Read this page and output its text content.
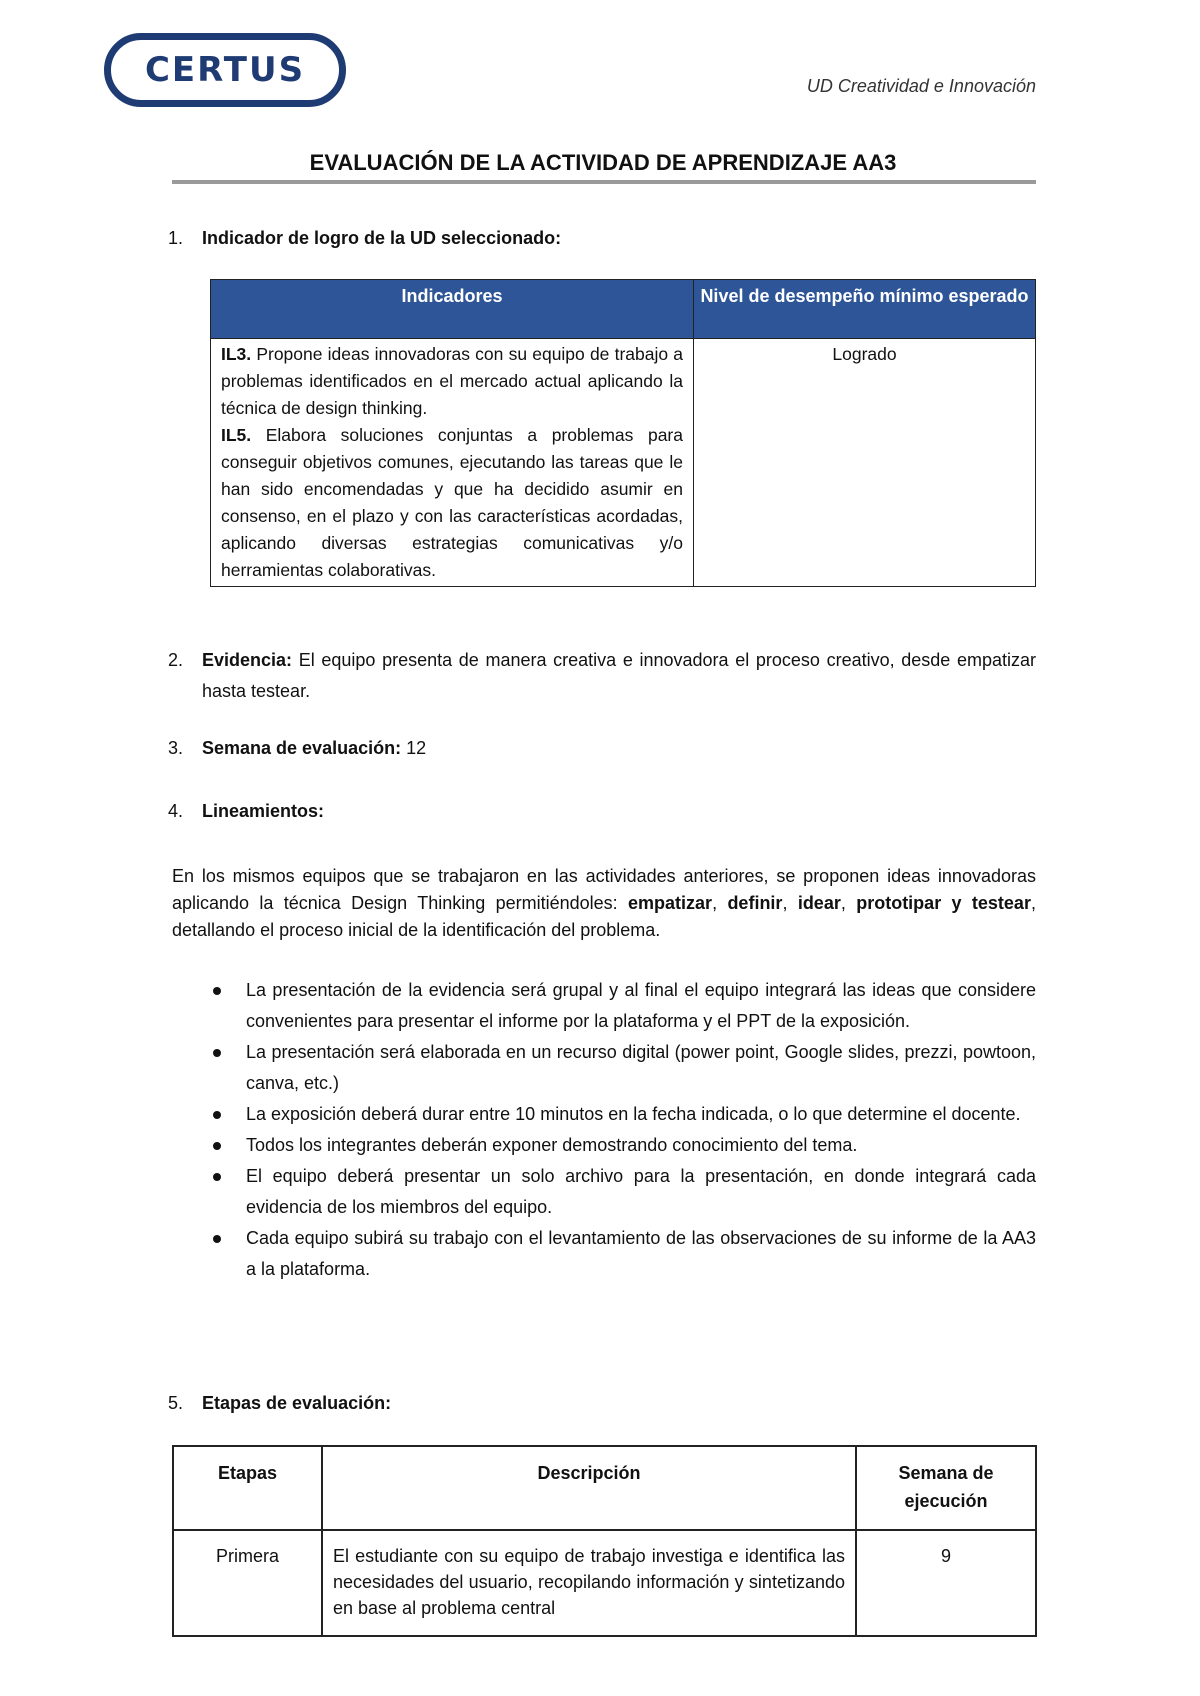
CERTUS	UD Creatividad e Innovación
EVALUACIÓN DE LA ACTIVIDAD DE APRENDIZAJE AA3
1. Indicador de logro de la UD seleccionado:
Indicadores	Nivel de desempeño mínimo esperado

IL3. Propone ideas innovadoras con su equipo de trabajo a problemas identificados en el mercado actual aplicando la técnica de design thinking.
IL5. Elabora soluciones conjuntas a problemas para conseguir objetivos comunes, ejecutando las tareas que le han sido encomendadas y que ha decidido asumir en consenso, en el plazo y con las características acordadas, aplicando diversas estrategias comunicativas y/o herramientas colaborativas.	Logrado
2. Evidencia: El equipo presenta de manera creativa e innovadora el proceso creativo, desde empatizar hasta testear.
3. Semana de evaluación: 12
4. Lineamientos:
En los mismos equipos que se trabajaron en las actividades anteriores, se proponen ideas innovadoras aplicando la técnica Design Thinking permitiéndoles: empatizar, definir, idear, prototipar y testear, detallando el proceso inicial de la identificación del problema.
La presentación de la evidencia será grupal y al final el equipo integrará las ideas que considere convenientes para presentar el informe por la plataforma y el PPT de la exposición.
La presentación será elaborada en un recurso digital (power point, Google slides, prezzi, powtoon, canva, etc.)
La exposición deberá durar entre 10 minutos en la fecha indicada, o lo que determine el docente.
Todos los integrantes deberán exponer demostrando conocimiento del tema.
El equipo deberá presentar un solo archivo para la presentación, en donde integrará cada evidencia de los miembros del equipo.
Cada equipo subirá su trabajo con el levantamiento de las observaciones de su informe de la AA3 a la plataforma.
5. Etapas de evaluación:
Etapas	Descripción	Semana de ejecución
Primera	El estudiante con su equipo de trabajo investiga e identifica las necesidades del usuario, recopilando información y sintetizando en base al problema central	9
